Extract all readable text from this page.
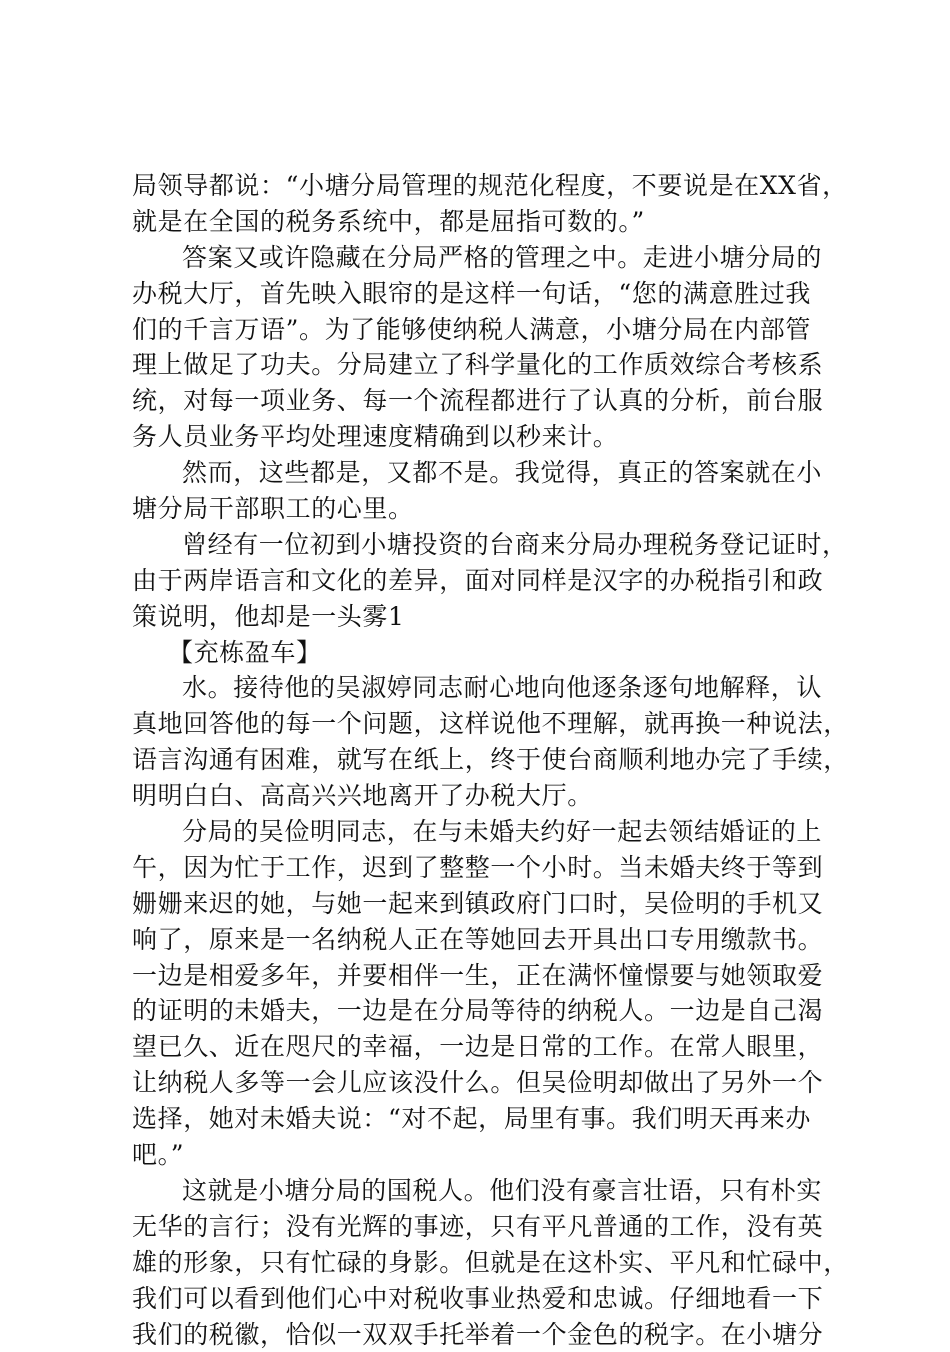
局领导都说：“小塘分局管理的规范化程度，不要说是在XX省，
就是在全国的税务系统中，都是屈指可数的。”
答案又或许隐藏在分局严格的管理之中。走进小塘分局的
办税大厅，首先映入眼帘的是这样一句话，“您的满意胜过我
们的千言万语”。为了能够使纳税人满意，小塘分局在内部管
理上做足了功夫。分局建立了科学量化的工作质效综合考核系
统，对每一项业务、每一个流程都进行了认真的分析，前台服
务人员业务平均处理速度精确到以秒来计。
然而，这些都是，又都不是。我觉得，真正的答案就在小
塘分局干部职工的心里。
曾经有一位初到小塘投资的台商来分局办理税务登记证时，
由于两岸语言和文化的差异，面对同样是汉字的办税指引和政
策说明，他却是一头雾1
【充栋盈车】
水。接待他的吴淑婷同志耐心地向他逐条逐句地解释，认
真地回答他的每一个问题，这样说他不理解，就再换一种说法，
语言沟通有困难，就写在纸上，终于使台商顺利地办完了手续，
明明白白、高高兴兴地离开了办税大厅。
分局的吴俭明同志，在与未婚夫约好一起去领结婚证的上
午，因为忙于工作，迟到了整整一个小时。当未婚夫终于等到
姗姗来迟的她，与她一起来到镇政府门口时，吴俭明的手机又
响了，原来是一名纳税人正在等她回去开具出口专用缴款书。
一边是相爱多年，并要相伴一生，正在满怀憧憬要与她领取爱
的证明的未婚夫，一边是在分局等待的纳税人。一边是自己渴
望已久、近在咫尺的幸福，一边是日常的工作。在常人眼里，
让纳税人多等一会儿应该没什么。但吴俭明却做出了另外一个
选择，她对未婚夫说：“对不起，局里有事。我们明天再来办
吧。”
这就是小塘分局的国税人。他们没有豪言壮语，只有朴实
无华的言行；没有光辉的事迹，只有平凡普通的工作，没有英
雄的形象，只有忙碌的身影。但就是在这朴实、平凡和忙碌中，
我们可以看到他们心中对税收事业热爱和忠诚。仔细地看一下
我们的税徽，恰似一双双手托举着一个金色的税字。在小塘分
